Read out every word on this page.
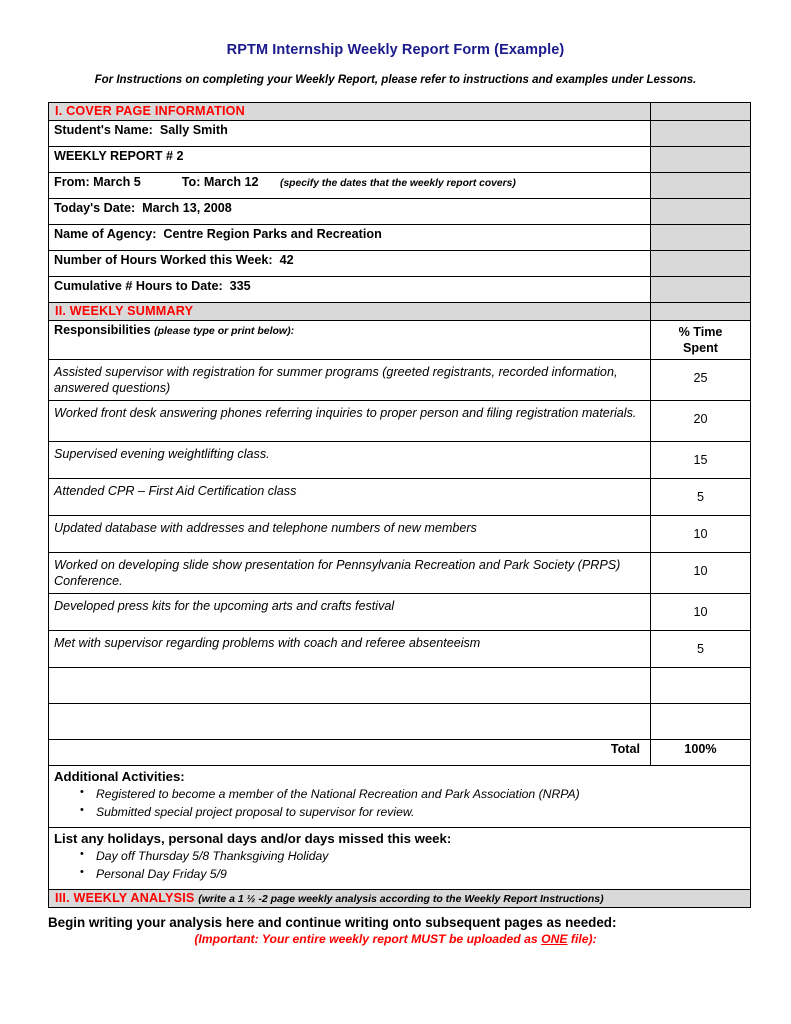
RPTM Internship Weekly Report Form (Example)
For Instructions on completing your Weekly Report, please refer to instructions and examples under Lessons.
I. COVER PAGE INFORMATION	
Student's Name: Sally Smith	
WEEKLY REPORT # 2	
From: March 5 To: March 12 (specify the dates that the weekly report covers)	
Today's Date: March 13, 2008	
Name of Agency: Centre Region Parks and Recreation	
Number of Hours Worked this Week: 42	
Cumulative # Hours to Date: 335	
II. WEEKLY SUMMARY	
Responsibilities (please type or print below):	% Time
Spent

Assisted supervisor with registration for summer programs (greeted registrants, recorded information, answered questions)	25
Worked front desk answering phones referring inquiries to proper person and filing registration materials.	20
Supervised evening weightlifting class.	15
Attended CPR – First Aid Certification class	5
Updated database with addresses and telephone numbers of new members	10
Worked on developing slide show presentation for Pennsylvania Recreation and Park Society (PRPS) Conference.	10
Developed press kits for the upcoming arts and crafts festival	10
Met with supervisor regarding problems with coach and referee absenteeism	5

Total	100%

Additional Activities:
• Registered to become a member of the National Recreation and Park Association (NRPA)
• Submitted special project proposal to supervisor for review.

List any holidays, personal days and/or days missed this week:
• Day off Thursday 5/8 Thanksgiving Holiday
• Personal Day Friday 5/9

III. WEEKLY ANALYSIS (write a 1 ½ -2 page weekly analysis according to the Weekly Report Instructions)	
Begin writing your analysis here and continue writing onto subsequent pages as needed:
(Important: Your entire weekly report MUST be uploaded as ONE file):
